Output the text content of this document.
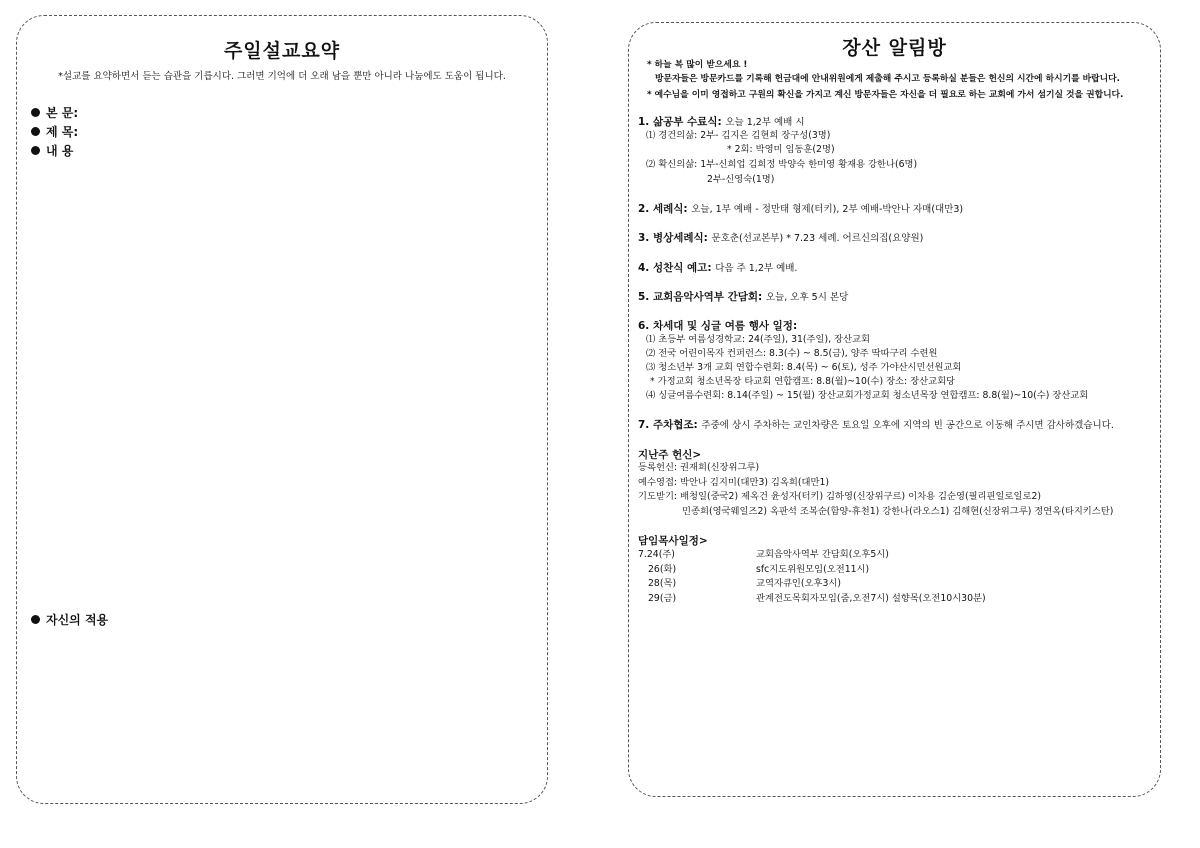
주일설교요약
*설교를 요약하면서 듣는 습관을 기릅시다. 그러면 기억에 더 오래 남을 뿐만 아니라 나눔에도 도움이 됩니다.
본 문:
제 목:
내 용
자신의 적용
장산 알림방
* 하늘 복 많이 받으세요 !
방문자들은 방문카드를 기록해 헌금대에 안내위원에게 제출해 주시고 등록하실 분들은 헌신의 시간에 하시기를 바랍니다.
* 예수님을 이미 영접하고 구원의 확신을 가지고 계신 방문자들은 자신을 더 필요로 하는 교회에 가서 섬기실 것을 권합니다.
1. 삶공부 수료식: 오늘 1,2부 예배 시
⑴ 경건의삶: 2부- 김지은 김현희 장구성(3명)
* 2회: 박영미 임동훈(2명)
⑵ 확신의삶: 1부-신희업 김희정 박양숙 한미영 황재용 강한나(6명)
2부-신영숙(1명)
2. 세례식: 오늘, 1부 예배 - 정만태 형제(터키), 2부 예배-박안나 자매(대만3)
3. 병상세례식: 문호춘(선교본부) * 7.23 세례. 어르신의집(요양원)
4. 성찬식 예고: 다음 주 1,2부 예배.
5. 교회음악사역부 간담회: 오늘, 오후 5시 본당
6. 차세대 및 싱글 여름 행사 일정:
⑴ 초등부 여름성경학교: 24(주일), 31(주일), 장산교회
⑵ 전국 어린이목자 컨퍼런스: 8.3(수) ~ 8.5(금), 양주 딱따구리 수련원
⑶ 청소년부 3개 교회 연합수련회: 8.4(목) ~ 6(토), 성주 가야산시민선원교회
* 가정교회 청소년목장 타교회 연합캠프: 8.8(월)~10(수) 장소: 장산교회당
⑷ 싱글여름수련회: 8.14(주일) ~ 15(월) 장산교회가정교회 청소년목장 연합캠프: 8.8(월)~10(수) 장산교회
7. 주차협조: 주중에 상시 주차하는 교인차량은 토요일 오후에 지역의 빈 공간으로 이동해 주시면 감사하겠습니다.
지난주 헌신>
등록헌신: 권재희(신장위그루)
예수영접: 박안나 김지미(대만3) 김옥희(대만1)
기도받기: 배청일(중국2) 제옥건 윤성자(터키) 김하영(신장위구르) 이차용 김순영(필리핀일로일로2)
민종희(영국웨일즈2) 옥판석 조복순(함양-휴천1) 강한나(라오스1) 김해현(신장위그루) 정연옥(타지키스탄)
담임목사일정>
7.24(주)	교회음악사역부 간담회(오후5시)
26(화)	sfc지도위원모임(오전11시)
28(목)	교역자큐인(오후3시)
29(금)	관계전도목회자모임(줌,오전7시) 설향목(오전10시30분)
